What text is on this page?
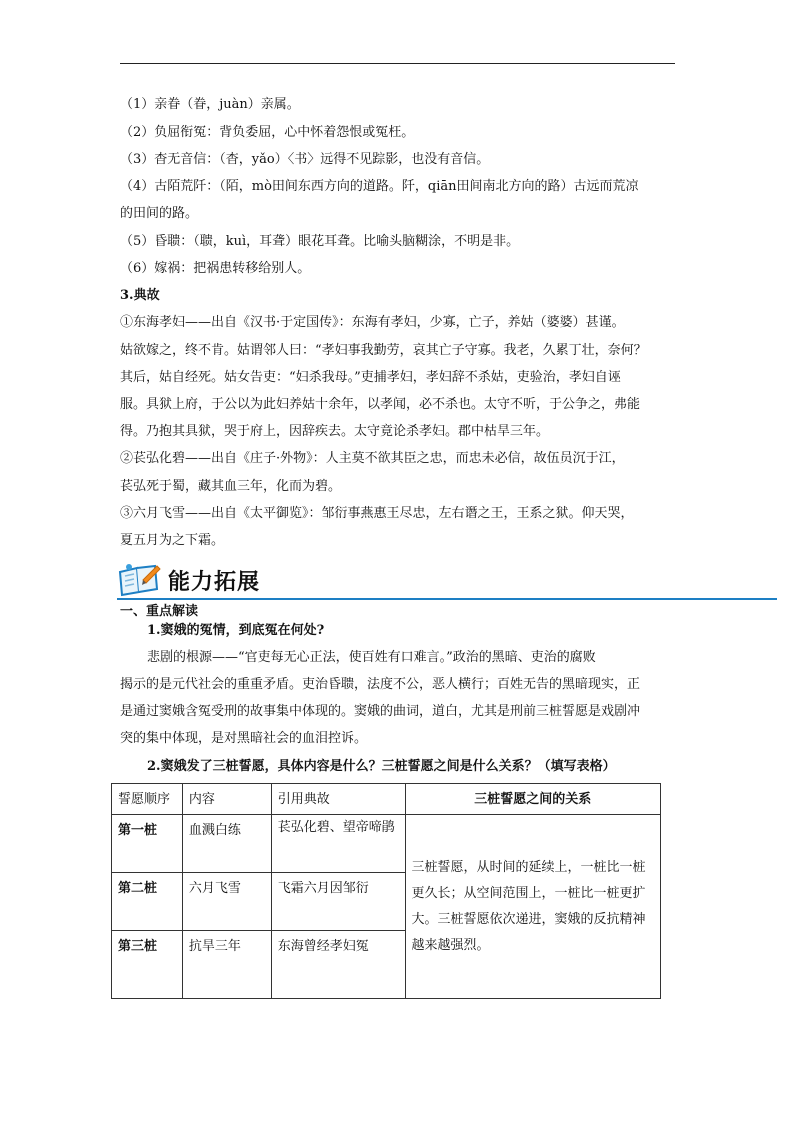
（1）亲眷（眷，juàn）亲属。
（2）负屈衔冤：背负委屈，心中怀着怨恨或冤枉。
（3）杳无音信：（杳，yǎo）〈书〉远得不见踪影，也没有音信。
（4）古陌荒阡：（陌，mò田间东西方向的道路。阡，qiān田间南北方向的路）古远而荒凉
的田间的路。
（5）昏聩：（聩，kuì，耳聋）眼花耳聋。比喻头脑糊涂，不明是非。
（6）嫁祸：把祸患转移给别人。
3.典故
①东海孝妇——出自《汉书·于定国传》：东海有孝妇，少寡，亡子，养姑（婆婆）甚谨。
姑欲嫁之，终不肯。姑谓邻人曰：“孝妇事我勤劳，哀其亡子守寡。我老，久累丁壮，奈何？
其后，姑自经死。姑女告吏：“妇杀我母。”吏捕孝妇，孝妇辞不杀姑，吏验治，孝妇自诬
服。具狱上府，于公以为此妇养姑十余年，以孝闻，必不杀也。太守不听，于公争之，弗能
得。乃抱其具狱，哭于府上，因辞疾去。太守竟论杀孝妇。郡中枯旱三年。
②苌弘化碧——出自《庄子·外物》：人主莫不欲其臣之忠，而忠未必信，故伍员沉于江，
苌弘死于蜀，藏其血三年，化而为碧。
③六月飞雪——出自《太平御览》：邹衍事燕惠王尽忠，左右谮之王，王系之狱。仰天哭，
夏五月为之下霜。
能力拓展
一、重点解读
1.窦娥的冤情，到底冤在何处?
悲剧的根源——“官吏每无心正法，使百姓有口难言。”政治的黑暗、吏治的腐败
揭示的是元代社会的重重矛盾。吏治昏聩，法度不公，恶人横行；百姓无告的黑暗现实，正
是通过窦娥含冤受刑的故事集中体现的。窦娥的曲词，道白，尤其是刑前三桩誓愿是戏剧冲
突的集中体现，是对黑暗社会的血泪控诉。
2.窦娥发了三桩誓愿，具体内容是什么？三桩誓愿之间是什么关系？（填写表格）
誓愿顺序	内容	引用典故	三桩誓愿之间的关系
第一桩	血溅白练	苌弘化碧、望帝啼鹃	三桩誓愿，从时间的延续上，一桩比一桩更久长；从空间范围上，一桩比一桩更扩大。三桩誓愿依次递进，窦娥的反抗精神越来越强烈。
第二桩	六月飞雪	飞霜六月因邹衍	
第三桩	抗旱三年	东海曾经孝妇冤	
